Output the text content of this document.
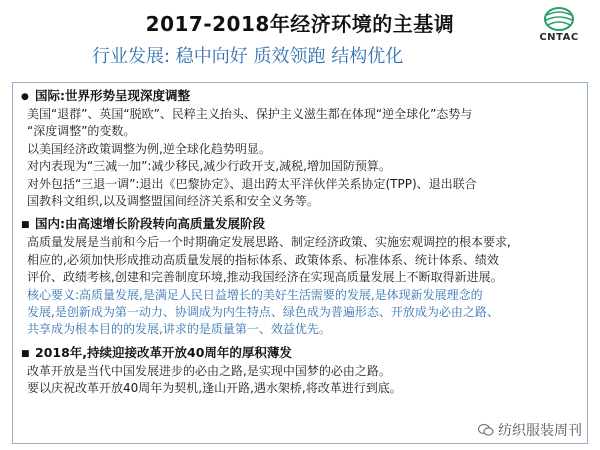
2017-2018年经济环境的主基调
行业发展: 稳中向好 质效领跑 结构优化
CNTAC
● 国际:世界形势呈现深度调整
美国“退群”、英国“脱欧”、民粹主义抬头、保护主义滋生都在体现“逆全球化”态势与
“深度调整”的变数。
以美国经济政策调整为例,逆全球化趋势明显。
对内表现为“三减一加”:减少移民,减少行政开支,减税,增加国防预算。
对外包括“三退一调”:退出《巴黎协定》、退出跨太平洋伙伴关系协定(TPP)、退出联合
国教科文组织,以及调整盟国间经济关系和安全义务等。
■ 国内:由高速增长阶段转向高质量发展阶段
高质量发展是当前和今后一个时期确定发展思路、制定经济政策、实施宏观调控的根本要求,
相应的,必须加快形成推动高质量发展的指标体系、政策体系、标准体系、统计体系、绩效
评价、政绩考核,创建和完善制度环境,推动我国经济在实现高质量发展上不断取得新进展。
核心要义:高质量发展,是满足人民日益增长的美好生活需要的发展,是体现新发展理念的
发展,是创新成为第一动力、协调成为内生特点、绿色成为普遍形态、开放成为必由之路、
共享成为根本目的的发展,讲求的是质量第一、效益优先。
■ 2018年,持续迎接改革开放40周年的厚积薄发
改革开放是当代中国发展进步的必由之路,是实现中国梦的必由之路。
要以庆祝改革开放40周年为契机,逢山开路,遇水架桥,将改革进行到底。
纺织服装周刊
